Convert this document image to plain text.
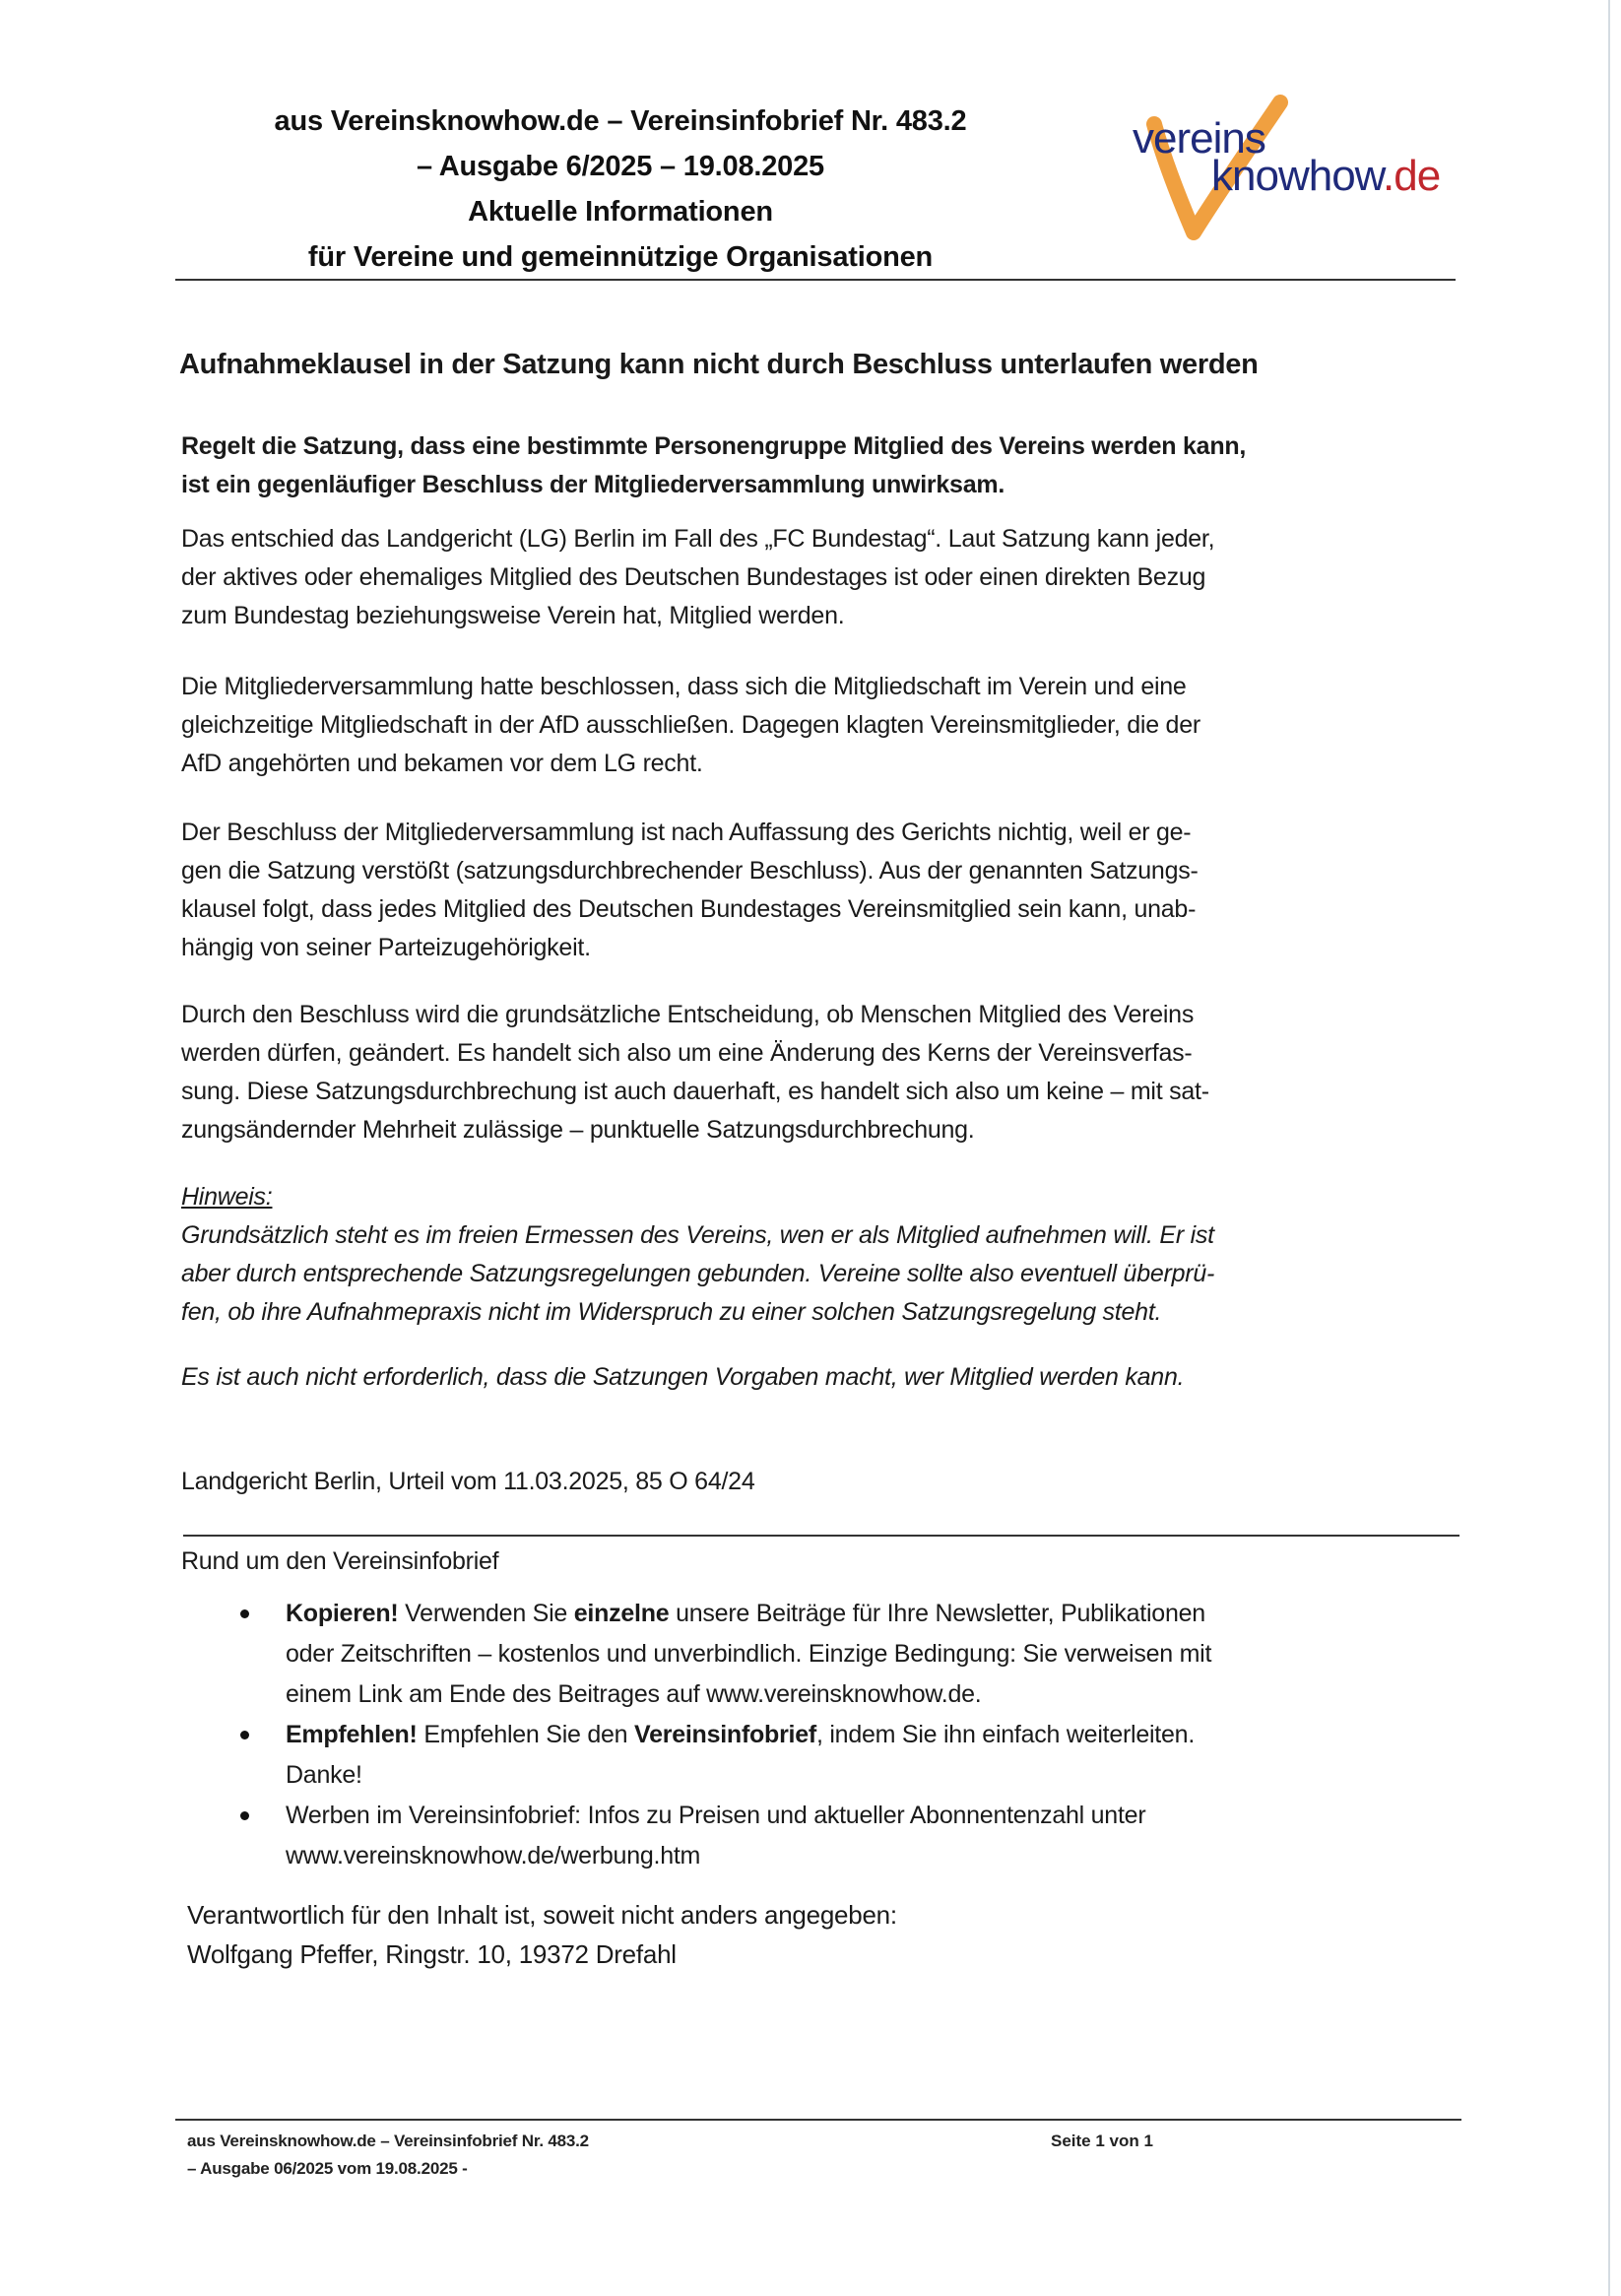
aus Vereinsknowhow.de – Vereinsinfobrief Nr. 483.2
– Ausgabe 6/2025 – 19.08.2025
Aktuelle Informationen
für Vereine und gemeinnützige Organisationen
vereins
knowhow.de
Aufnahmeklausel in der Satzung kann nicht durch Beschluss unterlaufen werden
Regelt die Satzung, dass eine bestimmte Personengruppe Mitglied des Vereins werden kann,
ist ein gegenläufiger Beschluss der Mitgliederversammlung unwirksam.
Das entschied das Landgericht (LG) Berlin im Fall des „FC Bundestag“. Laut Satzung kann jeder,
der aktives oder ehemaliges Mitglied des Deutschen Bundestages ist oder einen direkten Bezug
zum Bundestag beziehungsweise Verein hat, Mitglied werden.
Die Mitgliederversammlung hatte beschlossen, dass sich die Mitgliedschaft im Verein und eine
gleichzeitige Mitgliedschaft in der AfD ausschließen. Dagegen klagten Vereinsmitglieder, die der
AfD angehörten und bekamen vor dem LG recht.
Der Beschluss der Mitgliederversammlung ist nach Auffassung des Gerichts nichtig, weil er ge-
gen die Satzung verstößt (satzungsdurchbrechender Beschluss). Aus der genannten Satzungs-
klausel folgt, dass jedes Mitglied des Deutschen Bundestages Vereinsmitglied sein kann, unab-
hängig von seiner Parteizugehörigkeit.
Durch den Beschluss wird die grundsätzliche Entscheidung, ob Menschen Mitglied des Vereins
werden dürfen, geändert. Es handelt sich also um eine Änderung des Kerns der Vereinsverfas-
sung. Diese Satzungsdurchbrechung ist auch dauerhaft, es handelt sich also um keine – mit sat-
zungsändernder Mehrheit zulässige – punktuelle Satzungsdurchbrechung.
Hinweis:
Grundsätzlich steht es im freien Ermessen des Vereins, wen er als Mitglied aufnehmen will. Er ist
aber durch entsprechende Satzungsregelungen gebunden. Vereine sollte also eventuell überprü-
fen, ob ihre Aufnahmepraxis nicht im Widerspruch zu einer solchen Satzungsregelung steht.
Es ist auch nicht erforderlich, dass die Satzungen Vorgaben macht, wer Mitglied werden kann.
Landgericht Berlin, Urteil vom 11.03.2025, 85 O 64/24
Rund um den Vereinsinfobrief
Kopieren! Verwenden Sie einzelne unsere Beiträge für Ihre Newsletter, Publikationen
oder Zeitschriften – kostenlos und unverbindlich. Einzige Bedingung: Sie verweisen mit
einem Link am Ende des Beitrages auf www.vereinsknowhow.de.
Empfehlen! Empfehlen Sie den Vereinsinfobrief, indem Sie ihn einfach weiterleiten.
Danke!
Werben im Vereinsinfobrief: Infos zu Preisen und aktueller Abonnentenzahl unter
www.vereinsknowhow.de/werbung.htm
Verantwortlich für den Inhalt ist, soweit nicht anders angegeben:
Wolfgang Pfeffer, Ringstr. 10, 19372 Drefahl
aus Vereinsknowhow.de – Vereinsinfobrief Nr. 483.2
– Ausgabe 06/2025 vom 19.08.2025 -
Seite 1 von 1
